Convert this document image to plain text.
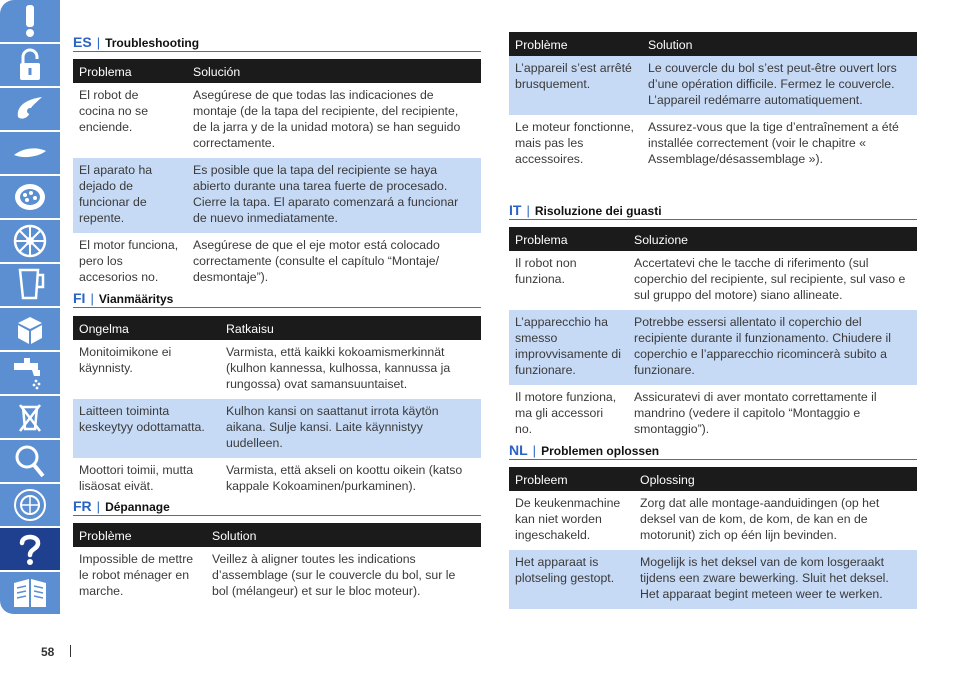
58
ES | Troubleshooting
Problema	Solución
El robot de cocina no se enciende.	Asegúrese de que todas las indicaciones de montaje (de la tapa del recipiente, del recipiente, de la jarra y de la unidad motora) se han seguido correctamente.
El aparato ha dejado de funcionar de repente.	Es posible que la tapa del recipiente se haya abierto durante una tarea fuerte de procesado. Cierre la tapa. El aparato comenzará a funcionar de nuevo inmediatamente.
El motor funciona, pero los accesorios no.	Asegúrese de que el eje motor está colocado correctamente (consulte el capítulo “Montaje/ desmontaje”).
FI | Vianmääritys
Ongelma	Ratkaisu
Monitoimikone ei käynnisty.	Varmista, että kaikki kokoamismerkinnät (kulhon kannessa, kulhossa, kannussa ja rungossa) ovat samansuuntaiset.
Laitteen toiminta keskeytyy odottamatta.	Kulhon kansi on saattanut irrota käytön aikana. Sulje kansi. Laite käynnistyy uudelleen.
Moottori toimii, mutta lisäosat eivät.	Varmista, että akseli on koottu oikein (katso kappale Kokoaminen/purkaminen).
FR | Dépannage
Problème	Solution
Impossible de mettre le robot ménager en marche.	Veillez à aligner toutes les indications d’assemblage (sur le couvercle du bol, sur le bol (mélangeur) et sur le bloc moteur).
Problème	Solution
L’appareil s’est arrêté brusquement.	Le couvercle du bol s’est peut-être ouvert lors d’une opération difficile. Fermez le couvercle. L’appareil redémarre automatiquement.
Le moteur fonctionne, mais pas les accessoires.	Assurez-vous que la tige d’entraînement a été installée correctement (voir le chapitre « Assemblage/désassemblage »).
IT | Risoluzione dei guasti
Problema	Soluzione
Il robot non funziona.	Accertatevi che le tacche di riferimento (sul coperchio del recipiente, sul recipiente, sul vaso e sul gruppo del motore) siano allineate.
L’apparecchio ha smesso improvvisamente di funzionare.	Potrebbe essersi allentato il coperchio del recipiente durante il funzionamento. Chiudere il coperchio e l’apparecchio ricomincerà subito a funzionare.
Il motore funziona, ma gli accessori no.	Assicuratevi di aver montato correttamente il mandrino (vedere il capitolo “Montaggio e smontaggio”).
NL | Problemen oplossen
Probleem	Oplossing
De keukenmachine kan niet worden ingeschakeld.	Zorg dat alle montage-aanduidingen (op het deksel van de kom, de kom, de kan en de motorunit) zich op één lijn bevinden.
Het apparaat is plotseling gestopt.	Mogelijk is het deksel van de kom losgeraakt tijdens een zware bewerking. Sluit het deksel. Het apparaat begint meteen weer te werken.
